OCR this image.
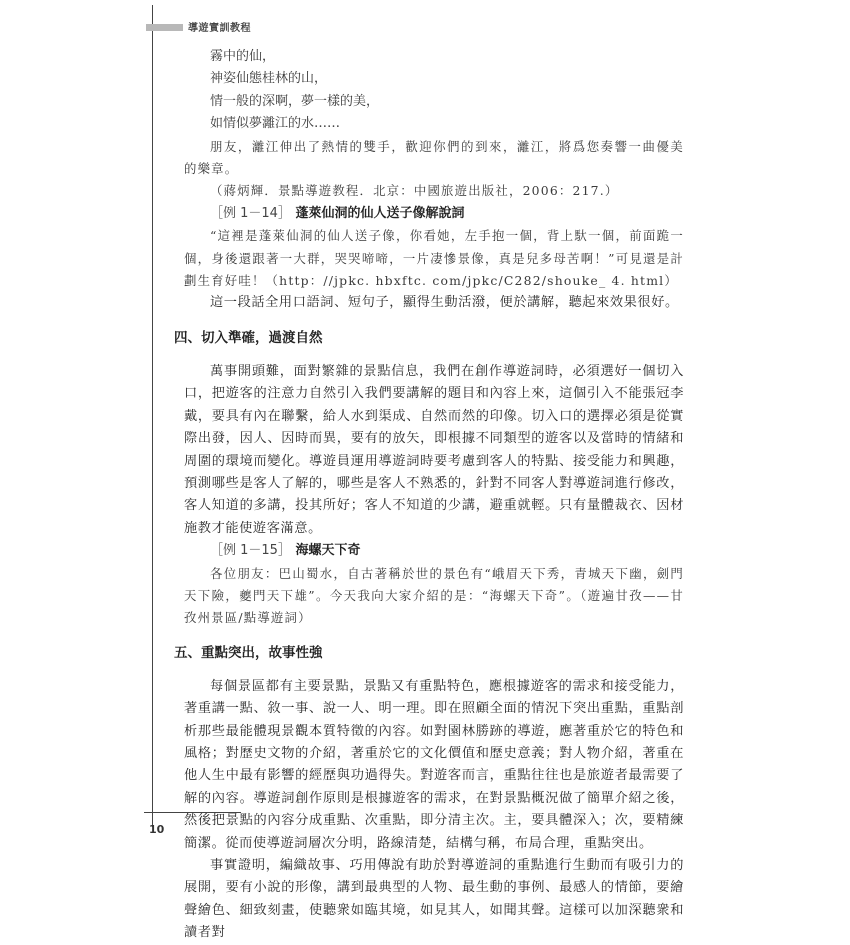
導遊實訓教程

霧中的仙，

神姿仙態桂林的山，

情一般的深啊，夢一樣的美，

如情似夢灕江的水……

朋友，灕江伸出了熱情的雙手，歡迎你們的到來，灕江，將爲您奏響一曲優美的樂章。

（蔣炳輝．景點導遊教程．北京：中國旅遊出版社，2006：217.）

［例 1－14］ 蓬萊仙洞的仙人送子像解說詞

“這裡是蓬萊仙洞的仙人送子像，你看她，左手抱一個，背上馱一個，前面跪一個，身後還跟著一大群，哭哭啼啼，一片凄慘景像，真是兒多母苦啊！”可見還是計劃生育好哇！（http：//jpkc. hbxftc. com/jpkc/C282/shouke_ 4. html）

這一段話全用口語詞、短句子，顯得生動活潑，便於講解，聽起來效果很好。

四、切入準確，過渡自然

萬事開頭難，面對繁雜的景點信息，我們在創作導遊詞時，必須選好一個切入口，把遊客的注意力自然引入我們要講解的題目和內容上來，這個引入不能張冠李戴，要具有內在聯繫，給人水到渠成、自然而然的印像。切入口的選擇必須是從實際出發，因人、因時而異，要有的放矢，即根據不同類型的遊客以及當時的情緒和周圍的環境而變化。導遊員運用導遊詞時要考慮到客人的特點、接受能力和興趣，預測哪些是客人了解的，哪些是客人不熟悉的，針對不同客人對導遊詞進行修改，客人知道的多講，投其所好；客人不知道的少講，避重就輕。只有量體裁衣、因材施教才能使遊客滿意。

［例 1－15］ 海螺天下奇

各位朋友：巴山蜀水，自古著稱於世的景色有“峨眉天下秀，青城天下幽，劍門天下險，夔門天下雄”。今天我向大家介紹的是：“海螺天下奇”。（遊遍甘孜——甘孜州景區/點導遊詞）

五、重點突出，故事性強

每個景區都有主要景點，景點又有重點特色，應根據遊客的需求和接受能力，著重講一點、敘一事、說一人、明一理。即在照顧全面的情況下突出重點，重點剖析那些最能體現景觀本質特徵的內容。如對園林勝跡的導遊，應著重於它的特色和風格；對歷史文物的介紹，著重於它的文化價值和歷史意義；對人物介紹，著重在他人生中最有影響的經歷與功過得失。對遊客而言，重點往往也是旅遊者最需要了解的內容。導遊詞創作原則是根據遊客的需求，在對景點概況做了簡單介紹之後，然後把景點的內容分成重點、次重點，即分清主次。主，要具體深入；次，要精練簡潔。從而使導遊詞層次分明，路線清楚，結構勻稱，布局合理，重點突出。

事實證明，編織故事、巧用傳說有助於對導遊詞的重點進行生動而有吸引力的展開，要有小說的形像，講到最典型的人物、最生動的事例、最感人的情節，要繪聲繪色、細致刻畫，使聽衆如臨其境，如見其人，如聞其聲。這樣可以加深聽衆和讀者對

10
